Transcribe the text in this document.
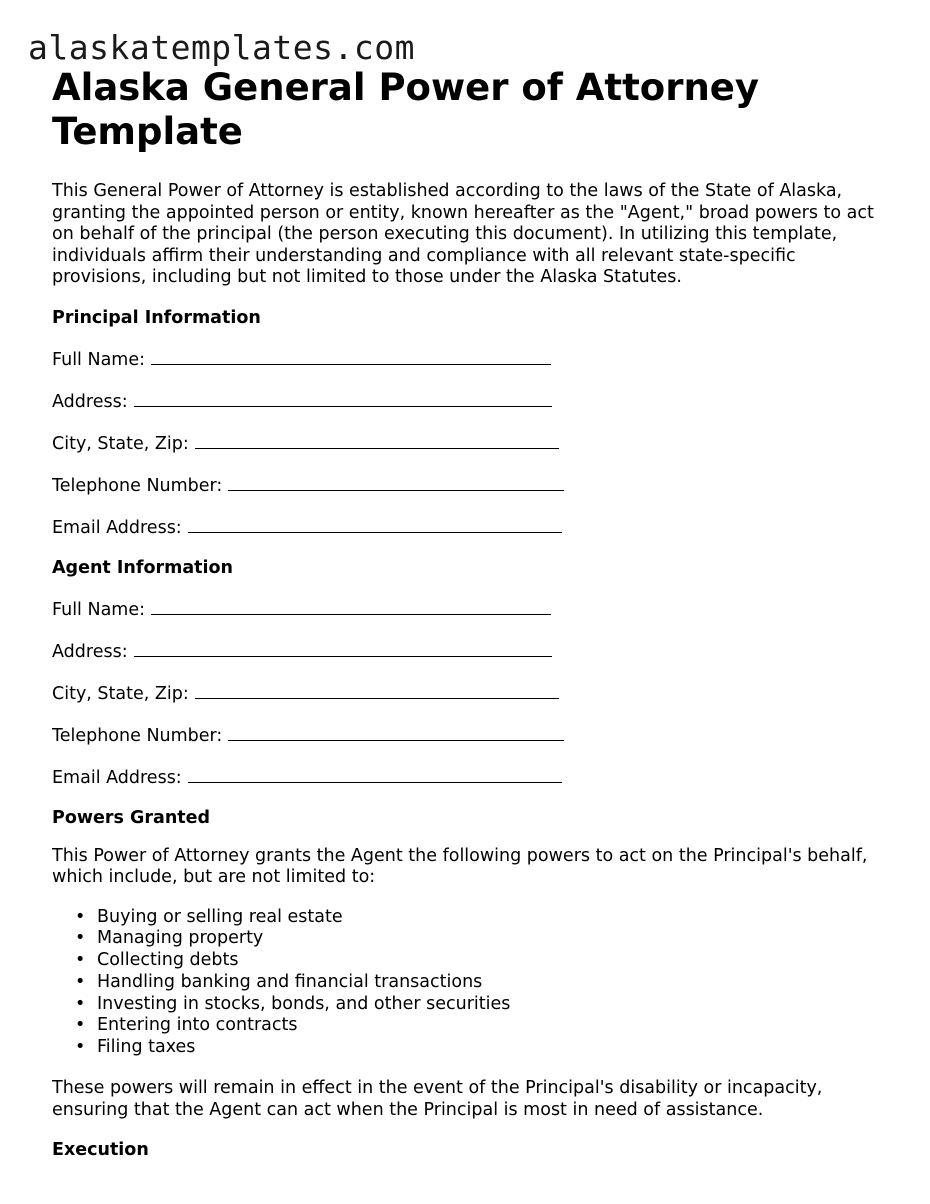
alaskatemplates.com
Alaska General Power of Attorney Template

This General Power of Attorney is established according to the laws of the State of Alaska, granting the appointed person or entity, known hereafter as the "Agent," broad powers to act on behalf of the principal (the person executing this document). In utilizing this template, individuals affirm their understanding and compliance with all relevant state-specific provisions, including but not limited to those under the Alaska Statutes.

Principal Information
Full Name:
Address:
City, State, Zip:
Telephone Number:
Email Address:
Agent Information
Full Name:
Address:
City, State, Zip:
Telephone Number:
Email Address:
Powers Granted

This Power of Attorney grants the Agent the following powers to act on the Principal's behalf, which include, but are not limited to:

• Buying or selling real estate
• Managing property
• Collecting debts
• Handling banking and financial transactions
• Investing in stocks, bonds, and other securities
• Entering into contracts
• Filing taxes

These powers will remain in effect in the event of the Principal's disability or incapacity, ensuring that the Agent can act when the Principal is most in need of assistance.

Execution
